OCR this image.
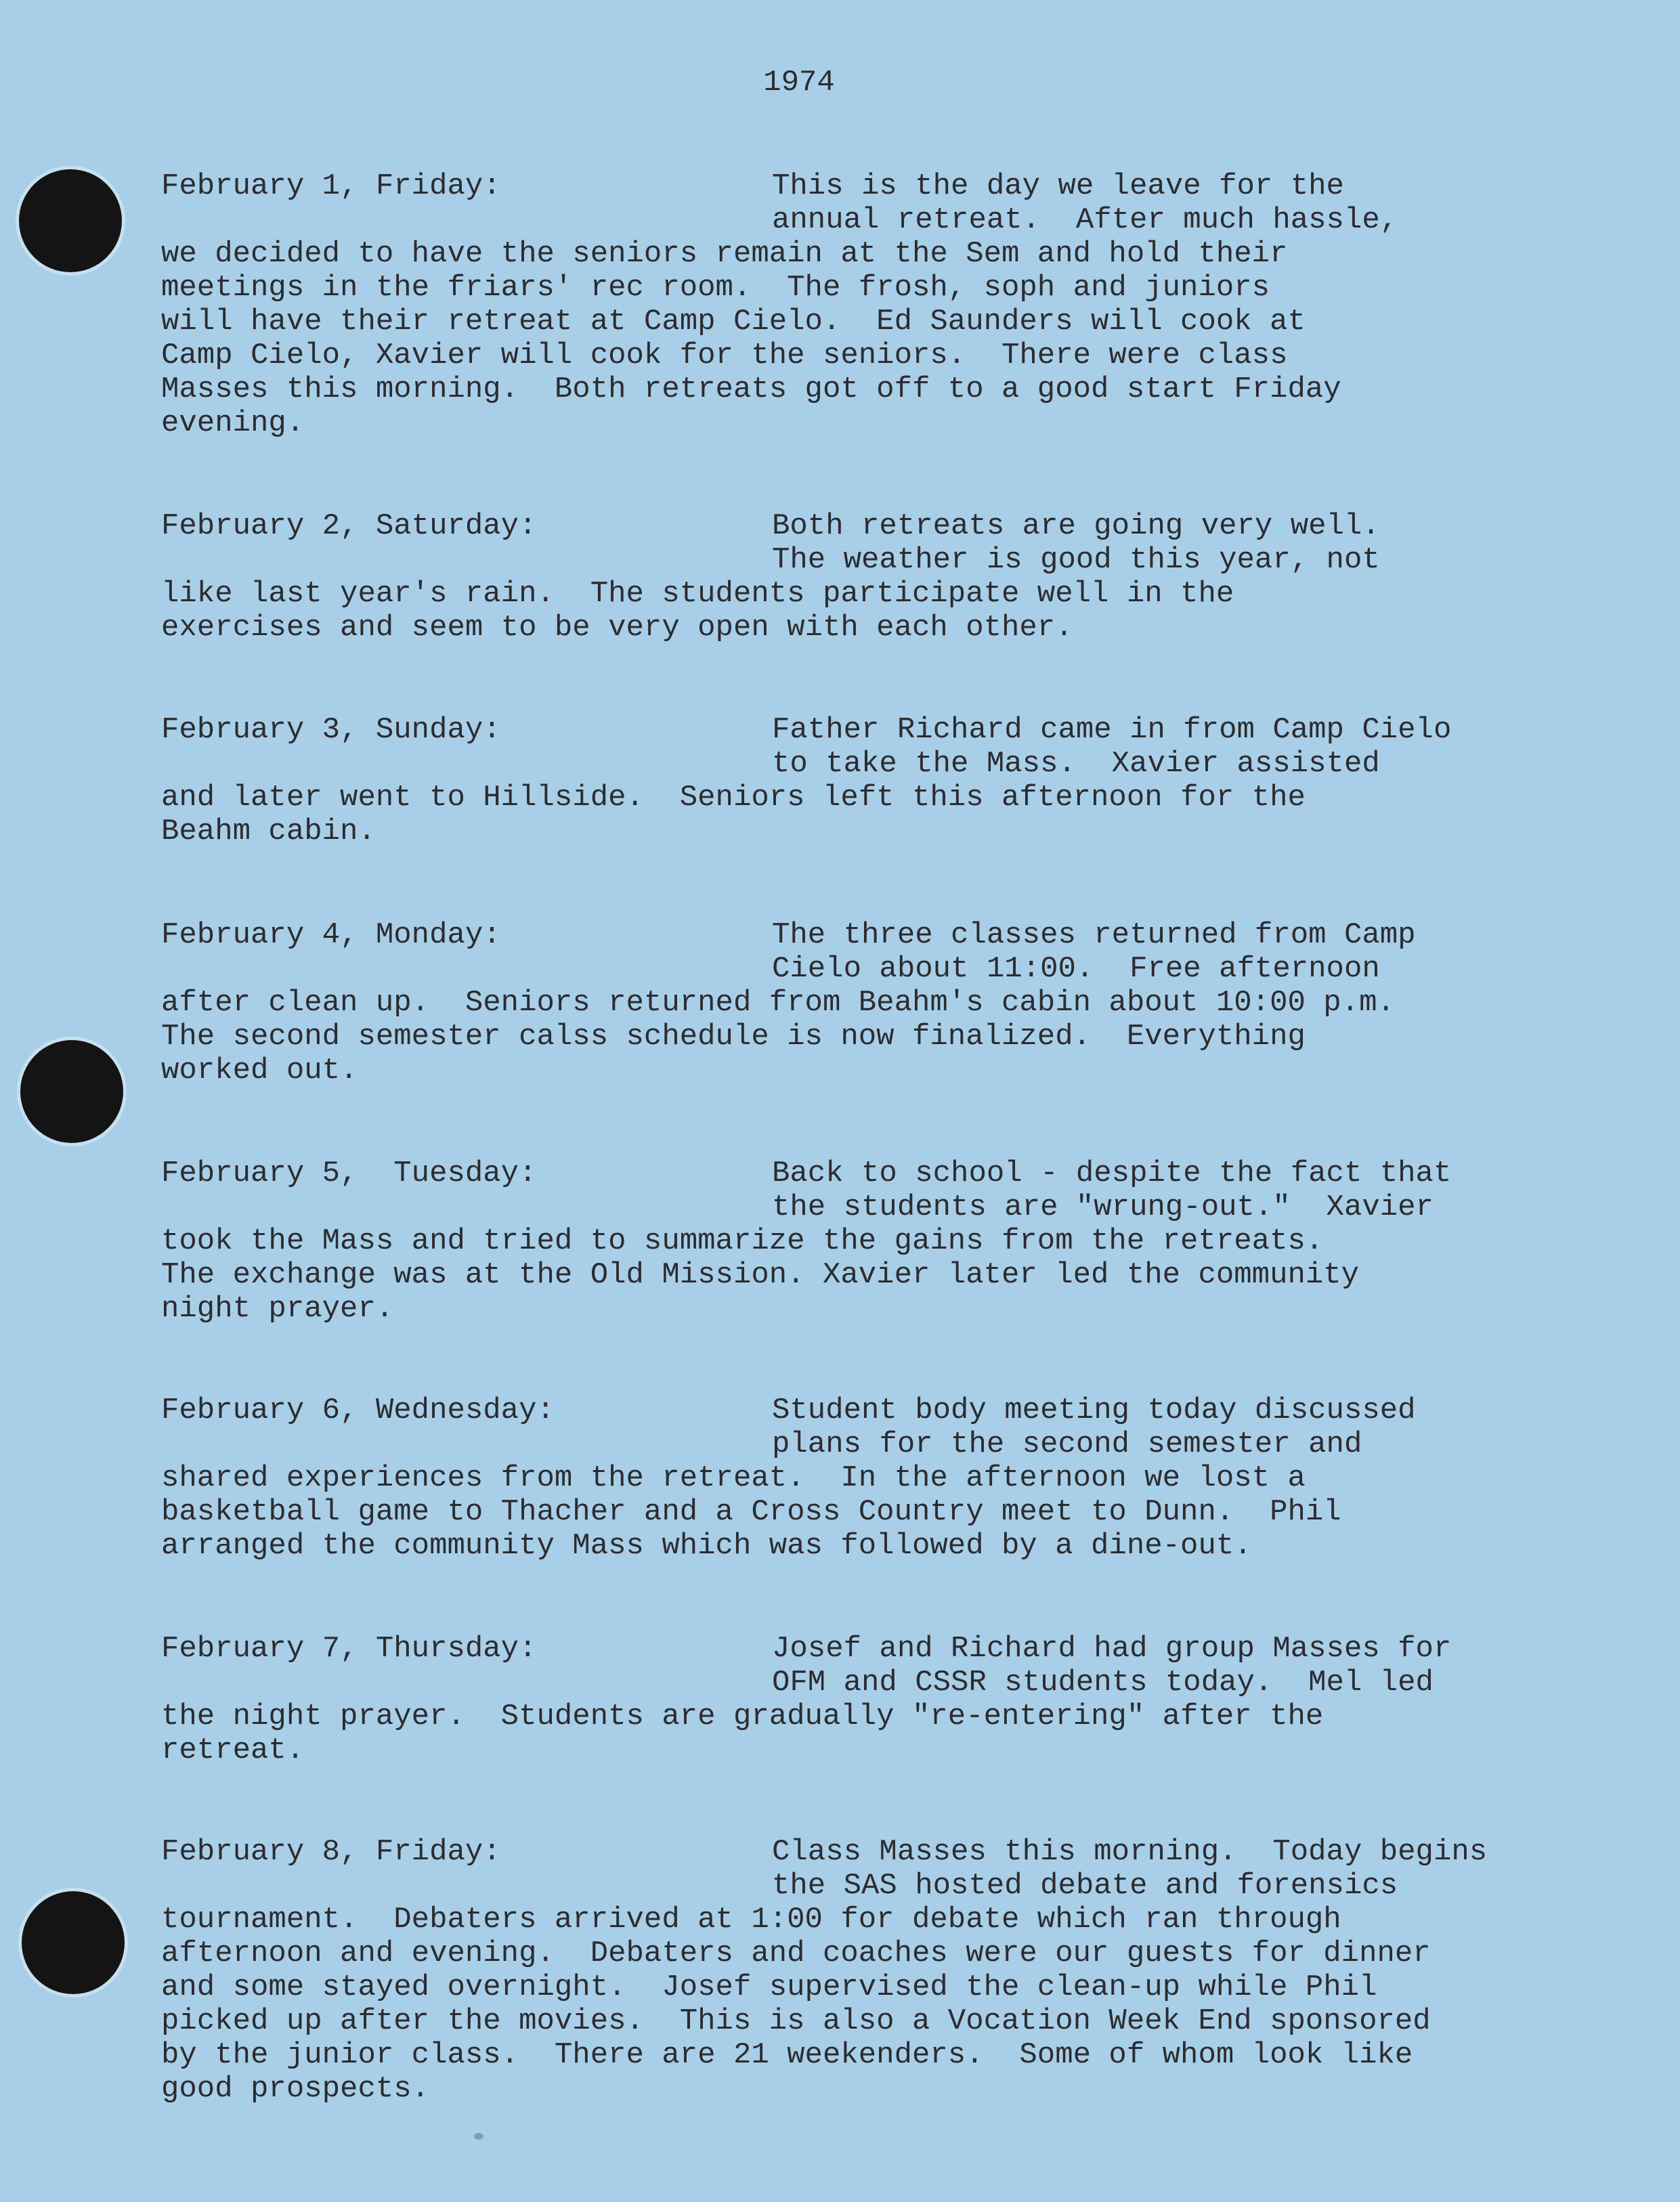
1974
February 1, Friday:	This is the day we leave for the
annual retreat.  After much hassle,
we decided to have the seniors remain at the Sem and hold their
meetings in the friars' rec room.  The frosh, soph and juniors
will have their retreat at Camp Cielo.  Ed Saunders will cook at
Camp Cielo, Xavier will cook for the seniors.  There were class
Masses this morning.  Both retreats got off to a good start Friday
evening.
February 2, Saturday:	Both retreats are going very well.
The weather is good this year, not
like last year's rain.  The students participate well in the
exercises and seem to be very open with each other.
February 3, Sunday:	Father Richard came in from Camp Cielo
to take the Mass.  Xavier assisted
and later went to Hillside.  Seniors left this afternoon for the
Beahm cabin.
February 4, Monday:	The three classes returned from Camp
Cielo about 11:00.  Free afternoon
after clean up.  Seniors returned from Beahm's cabin about 10:00 p.m.
The second semester calss schedule is now finalized.  Everything
worked out.
February 5,  Tuesday:	Back to school - despite the fact that
the students are "wrung-out."  Xavier
took the Mass and tried to summarize the gains from the retreats.
The exchange was at the Old Mission. Xavier later led the community
night prayer.
February 6, Wednesday:	Student body meeting today discussed
plans for the second semester and
shared experiences from the retreat.  In the afternoon we lost a
basketball game to Thacher and a Cross Country meet to Dunn.  Phil
arranged the community Mass which was followed by a dine-out.
February 7, Thursday:	Josef and Richard had group Masses for
OFM and CSSR students today.  Mel led
the night prayer.  Students are gradually "re-entering" after the
retreat.
February 8, Friday:	Class Masses this morning.  Today begins
the SAS hosted debate and forensics
tournament.  Debaters arrived at 1:00 for debate which ran through
afternoon and evening.  Debaters and coaches were our guests for dinner
and some stayed overnight.  Josef supervised the clean-up while Phil
picked up after the movies.  This is also a Vocation Week End sponsored
by the junior class.  There are 21 weekenders.  Some of whom look like
good prospects.
